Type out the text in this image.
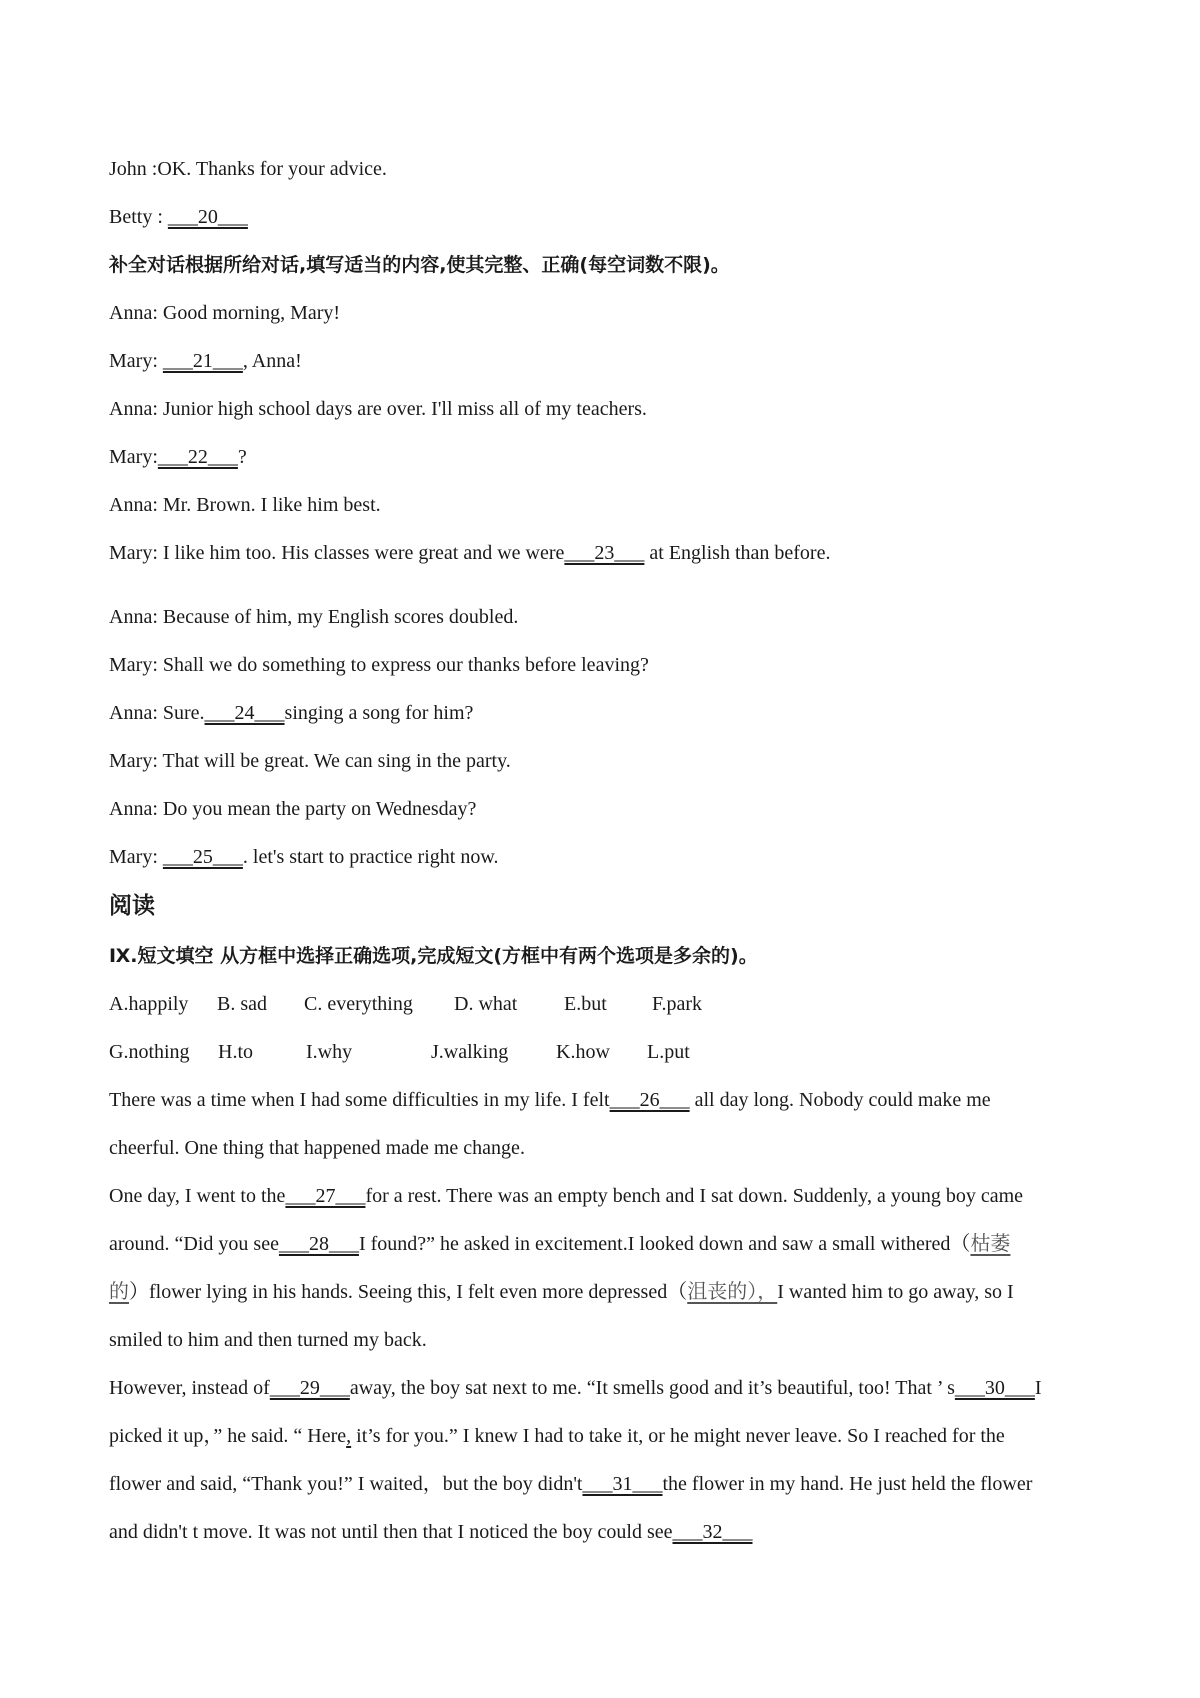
John :OK. Thanks for your advice.
Betty : ___20___
补全对话根据所给对话,填写适当的内容,使其完整、正确(每空词数不限)。
Anna: Good morning, Mary!
Mary: ___21___, Anna!
Anna: Junior high school days are over. I'll miss all of my teachers.
Mary:___22___?
Anna: Mr. Brown. I like him best.
Mary: I like him too. His classes were great and we were___23___ at English than before.
Anna: Because of him, my English scores doubled.
Mary: Shall we do something to express our thanks before leaving?
Anna: Sure.___24___singing a song for him?
Mary: That will be great. We can sing in the party.
Anna: Do you mean the party on Wednesday?
Mary: ___25___. let's start to practice right now.
阅读
Ⅸ.短文填空 从方框中选择正确选项,完成短文(方框中有两个选项是多余的)。
A.happily B. sad C. everything D. what E.but F.park
G.nothing H.to	I.why	J.walking K.how L.put
There was a time when I had some difficulties in my life. I felt___26___ all day long. Nobody could make me
cheerful. One thing that happened made me change.
One day, I went to the___27___for a rest. There was an empty bench and I sat down. Suddenly, a young boy came
around. “Did you see___28___I found?” he asked in excitement.I looked down and saw a small withered（枯萎
的）flower lying in his hands. Seeing this, I felt even more depressed（沮丧的），I wanted him to go away, so I
smiled to him and then turned my back.
However, instead of___29___away, the boy sat next to me. “It smells good and it’s beautiful, too! That ’ s___30___I
picked it up，” he said. “ Here, it’s for you.” I knew I had to take it, or he might never leave. So I reached for the
flower and said, “Thank you!” I waited，but the boy didn't___31___the flower in my hand. He just held the flower
and didn't t move. It was not until then that I noticed the boy could see___32___
